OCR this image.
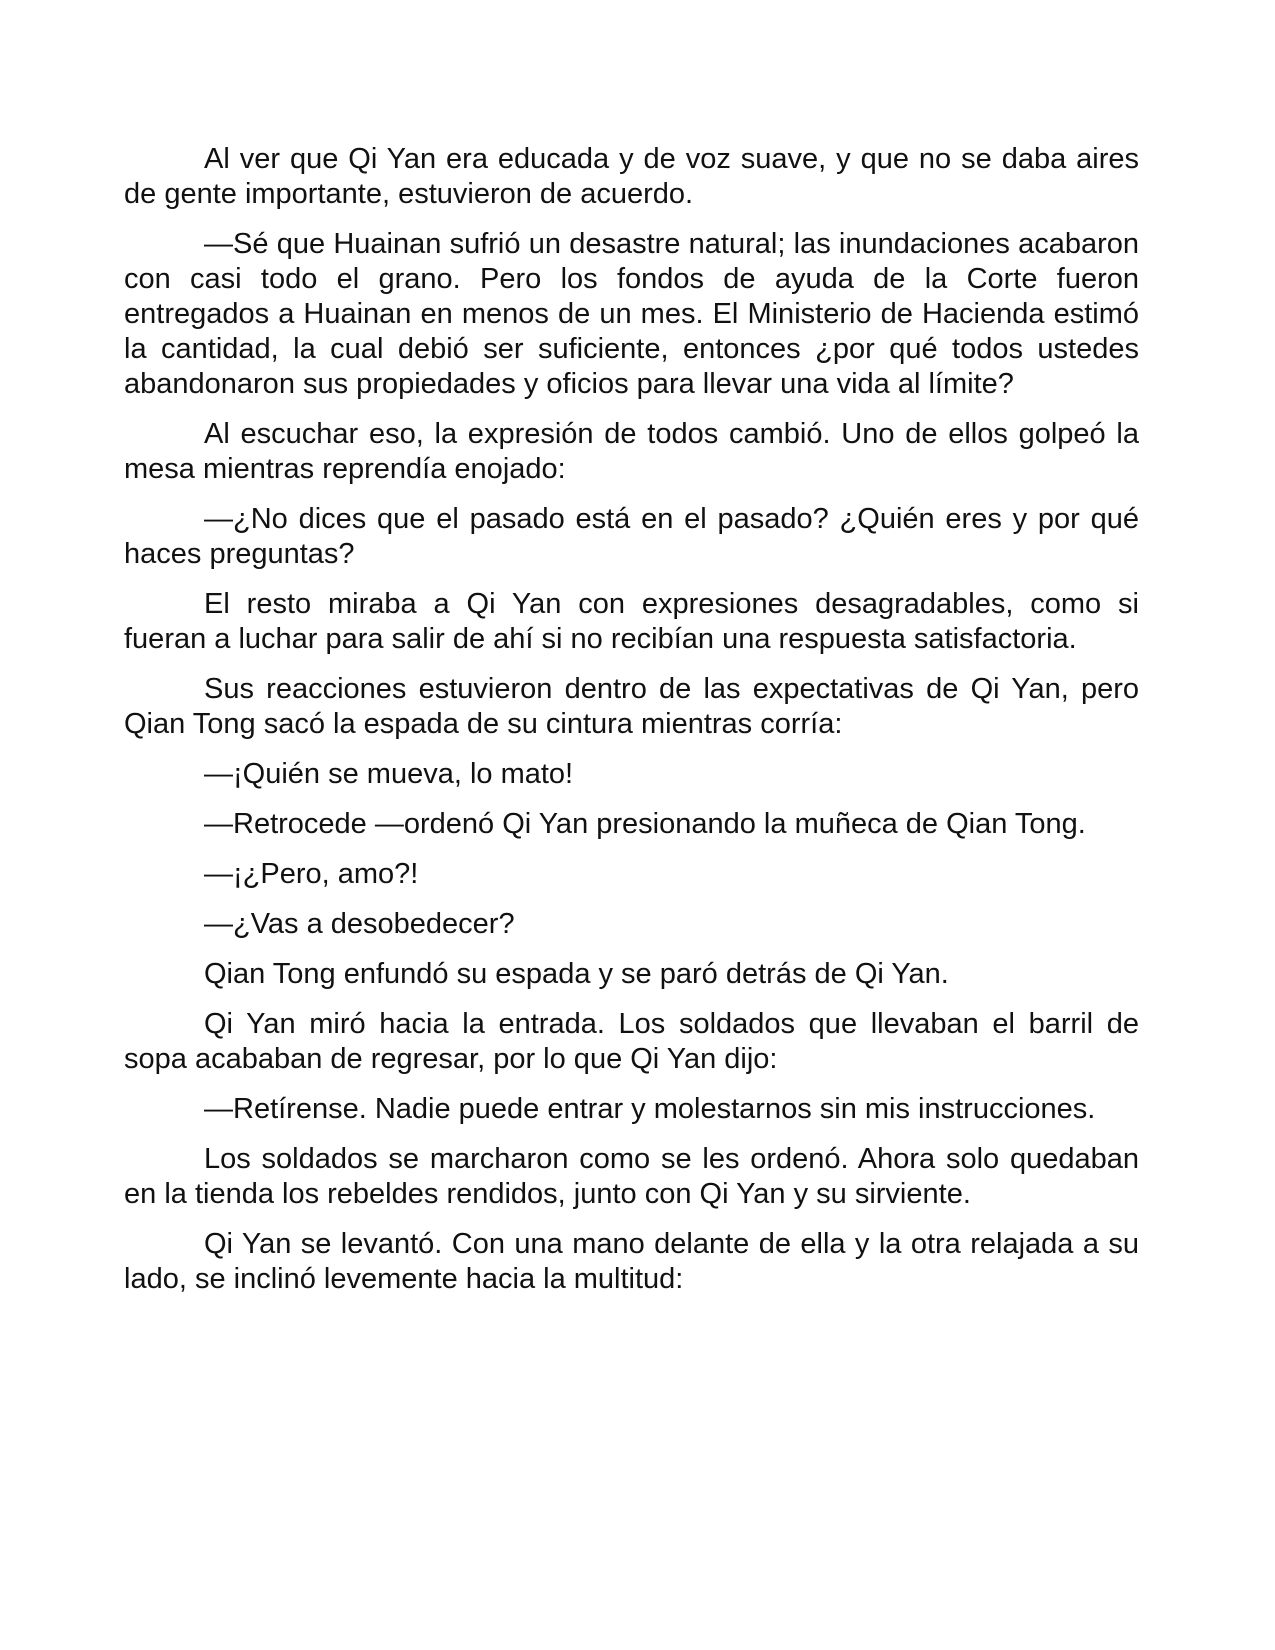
Al ver que Qi Yan era educada y de voz suave, y que no se daba aires de gente importante, estuvieron de acuerdo.

—Sé que Huainan sufrió un desastre natural; las inundaciones acabaron con casi todo el grano. Pero los fondos de ayuda de la Corte fueron entregados a Huainan en menos de un mes. El Ministerio de Hacienda estimó la cantidad, la cual debió ser suficiente, entonces ¿por qué todos ustedes abandonaron sus propiedades y oficios para llevar una vida al límite?

Al escuchar eso, la expresión de todos cambió. Uno de ellos golpeó la mesa mientras reprendía enojado:

—¿No dices que el pasado está en el pasado? ¿Quién eres y por qué haces preguntas?

El resto miraba a Qi Yan con expresiones desagradables, como si fueran a luchar para salir de ahí si no recibían una respuesta satisfactoria.

Sus reacciones estuvieron dentro de las expectativas de Qi Yan, pero Qian Tong sacó la espada de su cintura mientras corría:

—¡Quién se mueva, lo mato!

—Retrocede —ordenó Qi Yan presionando la muñeca de Qian Tong.

—¡¿Pero, amo?!

—¿Vas a desobedecer?

Qian Tong enfundó su espada y se paró detrás de Qi Yan.

Qi Yan miró hacia la entrada. Los soldados que llevaban el barril de sopa acababan de regresar, por lo que Qi Yan dijo:

—Retírense. Nadie puede entrar y molestarnos sin mis instrucciones.

Los soldados se marcharon como se les ordenó. Ahora solo quedaban en la tienda los rebeldes rendidos, junto con Qi Yan y su sirviente.

Qi Yan se levantó. Con una mano delante de ella y la otra relajada a su lado, se inclinó levemente hacia la multitud:
